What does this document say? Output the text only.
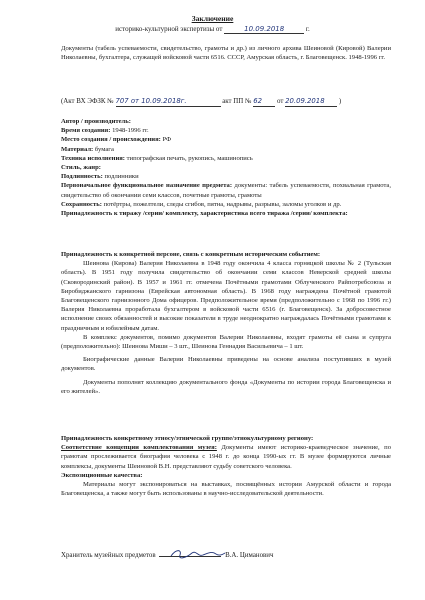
Заключение
историко-культурной экспертизы от	10.09.2018	г.
Документы (табель успеваемости, свидетельство, грамоты и др.) из личного архива Шеиновой (Кировой) Валерии Николаевны, бухгалтера, служащей войсковой части 6516. СССР, Амурская область, г. Благовещенск. 1948-1996 гг.
(Акт ВХ ЭФЗК № 707 от 10.09.2018г.	акт ПП № 62 от 20.09.2018 )
Автор / производитель:
Время создания: 1948-1996 гг.
Место создания / происхождения: РФ
Материал: бумага
Техника исполнения: типографская печать, рукопись, машинопись
Стиль, жанр:
Подлинность: подлинники
Первоначальное функциональное назначение предмета: документы: табель успеваемости, похвальная грамота, свидетельство об окончании семи классов, почетные грамоты, грамоты
Сохранность: потёртры, пожелтели, следы сгибов, пятна, надрывы, разрывы, заломы уголков и др.
Принадлежность к тиражу /серии/ комплекту, характеристика всего тиража /серии/ комплекта:
Принадлежность к конкретной персоне, связь с конкретным историческим событием:
Шеинова (Кирова) Валерия Николаевна в 1948 году окончила 4 класса горняцкой школы № 2 (Тульская область). В 1951 году получила свидетельство об окончании семи классов Неверской средней школы (Сковородинский район). В 1957 и 1961 гг. отмечена Почётными грамотами Облученского Райпотребсоюза и Биробиджанского гарнизона (Еврейская автономная область). В 1968 году награждена Почётной грамотой Благовещенского гарнизонного Дома офицеров. Предположительное время (предположительно с 1968 по 1996 гг.) Валерия Николаевна проработала бухгалтером в войсковой части 6516 (г. Благовещенск). За добросовестное исполнение своих обязанностей и высокие показатели в труде неоднократно награждалась Почётными грамотами к праздничным и юбилейным датам.
В комплекс документов, помимо документов Валерии Николаевны, входят грамоты её сына и супруга (предположительно): Шеинова Миши – 3 шт., Шеинова Геннадия Васильевича – 1 шт.
Биографические данные Валерии Николаевны приведены на основе анализа поступивших в музей документов.
Документы пополнят коллекцию документального фонда «Документы по истории города Благовещенска и его жителей».
Принадлежность конкретному этносу/этнической группе/этнокультурному региону:
Соответствие концепции комплектования музея: Документы имеют историко-краеведческое значение, по грамотам прослеживается биография человека с 1948 г. до конца 1990-ых гг. В музее формируются личные комплексы, документы Шеиновой В.Н. представляют судьбу советского человека.
Экспозиционные качества:
Материалы могут экспонироваться на выставках, посвящённых истории Амурской области и города Благовещенска, а также могут быть использованы в научно-исследовательской деятельности.
Хранитель музейных предметов	В.А. Циманович
